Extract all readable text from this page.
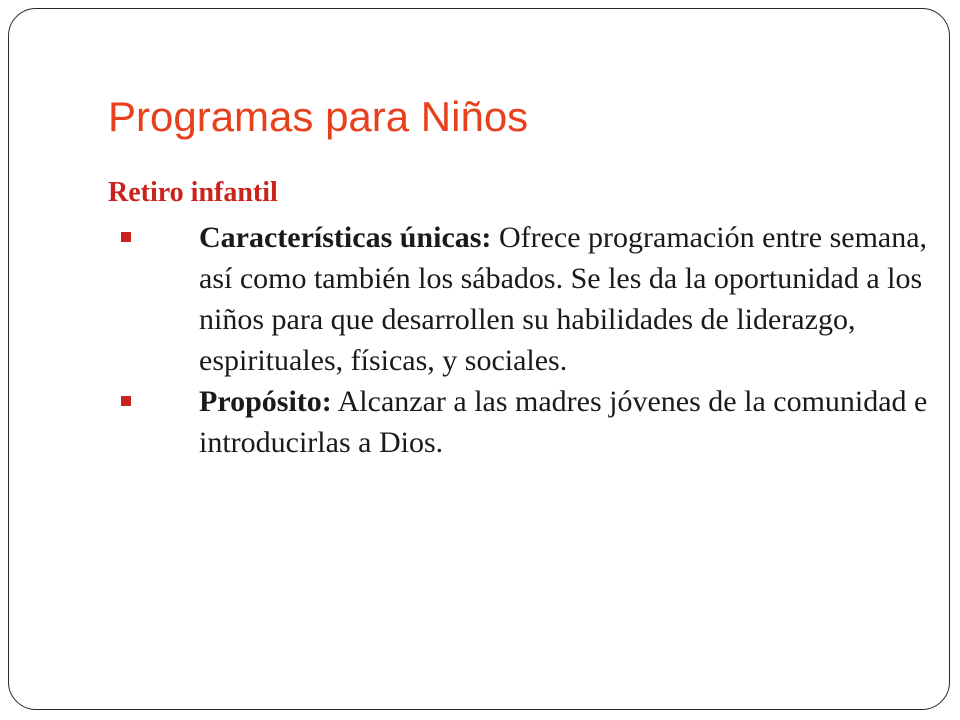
Programas para Niños
Retiro infantil
Características únicas: Ofrece programación entre semana, así como también los sábados. Se les da la oportunidad a los niños para que desarrollen su habilidades de liderazgo, espirituales, físicas, y sociales.
Propósito: Alcanzar a las madres jóvenes de la comunidad e introducirlas a Dios.
